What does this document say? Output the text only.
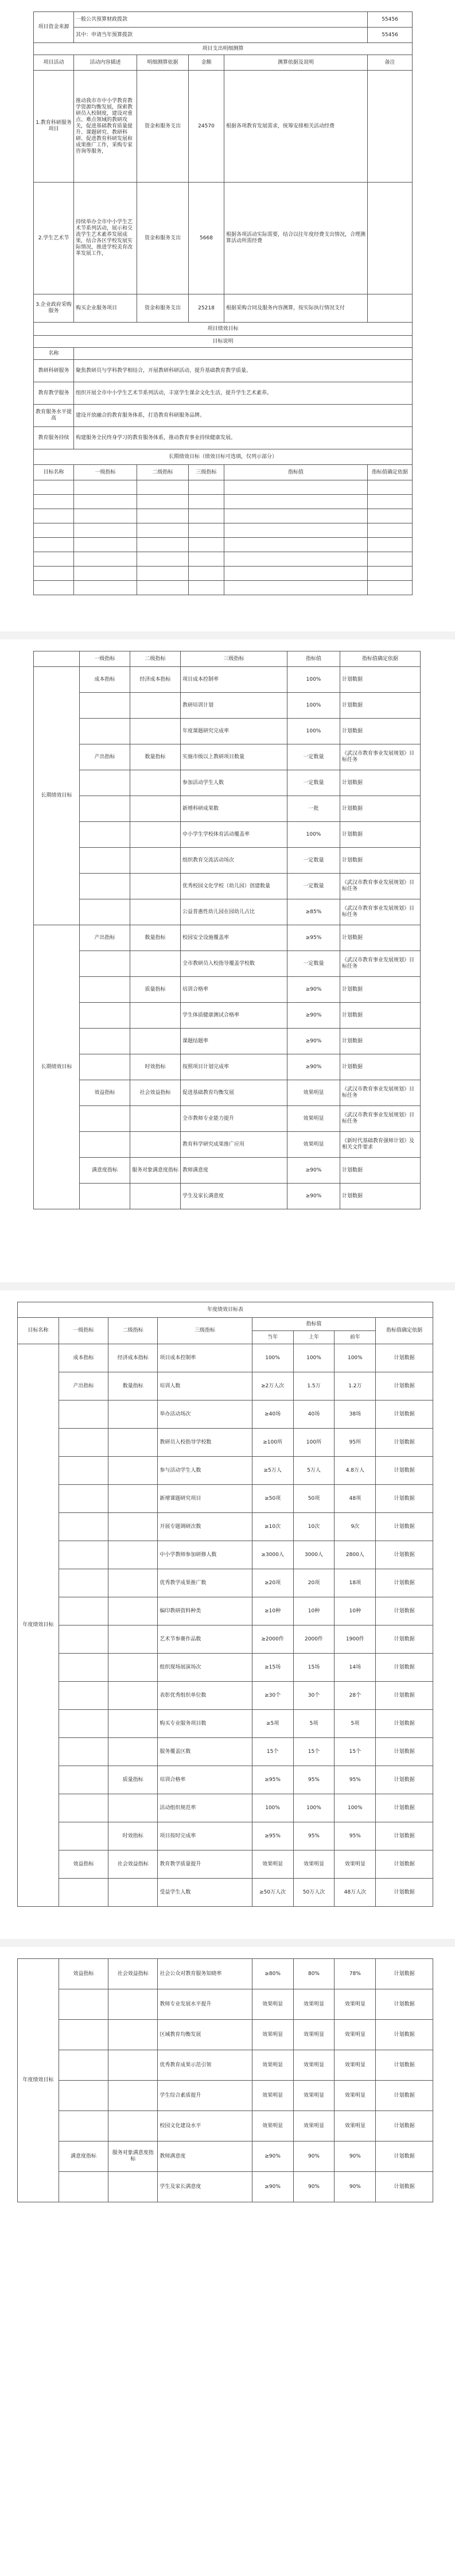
项目资金来源	一般公共预算财政拨款				55456
	其中：申请当年预算拨款				55456
项目支出明细测算					
项目活动	活动内容描述	明细测算依据	金额	测算依据及说明	备注
1.教育科研服务项目	推动我市市中小学教育教学资源均衡发展，探索教研员入校制度，建设对重点、难点领域的教研攻关，促进基础教育质量提升、课题研究、教研科研、促进教育科研发展和成果推广工作，采购专家咨询等服务，	资金和服务支出	24570	根据各项教育发展需求，统筹安排相关活动经费	
2.学生艺术节	持续举办全市中小学生艺术节系列活动，展示和交流学生艺术素养发展成果，结合各区学校发展实际情况，推进学校美育改革发展工作，	资金和服务支出	5668	根据各项活动实际需要，结合以往年度经费支出情况，合理测算活动所需经费	
3.企业政府采购服务	购买企业服务项目	资金和服务支出	25218	根据采购合同及服务内容测算，按实际执行情况支付	
项目绩效目标					
目标说明					
名称					
教研科研服务	聚焦教研员与学科教学相结合，开展教研科研活动，提升基础教育教学质量。				
教育教学服务	组织开展全市中小学生艺术节系列活动，丰富学生课余文化生活，提升学生艺术素养。				
教育服务水平提高	建设开放融合的教育服务体系，打造教育科研服务品牌。				
教育服务持续	构建服务全民终身学习的教育服务体系，推动教育事业持续健康发展。				
长期绩效目标（绩效目标可选填，仅列示部分）					
目标名称	一级指标	二级指标	三级指标	指标值	指标值确定依据

	一级指标	二级指标	三级指标	指标值	指标值确定依据
长期绩效目标	成本指标	经济成本指标	项目成本控制率	100%	计划数据
			教研培训计划	100%	计划数据
			年度课题研究完成率	100%	计划数据
	产出指标	数量指标	实施市级以上教研项目数量	一定数量	《武汉市教育事业发展规划》目标任务
			参加活动学生人数	一定数量	计划数据
			新增科研成果数	一批	计划数据
			中小学生学校体育活动覆盖率	100%	计划数据
			组织教育交流活动场次	一定数量	计划数据
			优秀校园文化学校（幼儿园）创建数量	一定数量	《武汉市教育事业发展规划》目标任务
			公益普惠性幼儿园在园幼儿占比	≥85%	《武汉市教育事业发展规划》目标任务
长期绩效目标	产出指标	数量指标	校园安全设施覆盖率	≥95%	计划数据
			全市教研员入校指导覆盖学校数	一定数量	《武汉市教育事业发展规划》目标任务
		质量指标	培训合格率	≥90%	计划数据
			学生体质健康测试合格率	≥90%	计划数据
			课题结题率	≥90%	计划数据
		时效指标	按照项目计划完成率	≥90%	计划数据
	效益指标	社会效益指标	促进基础教育均衡发展	效果明显	《武汉市教育事业发展规划》目标任务
			全市教师专业能力提升	效果明显	《武汉市教育事业发展规划》目标任务
			教育科学研究成果推广应用	效果明显	《新时代基础教育强师计划》及相关文件要求
	满意度指标	服务对象满意度指标	教师满意度	≥90%	计划数据
			学生及家长满意度	≥90%	计划数据
年度绩效目标表							
目标名称	一级指标	二级指标	三级指标	指标值			指标值确定依据
				当年	上年	前年	
年度绩效目标	成本指标	经济成本指标	项目成本控制率	100%	100%	100%	计划数据
	产出指标	数量指标	培训人数	≥2万人次	1.5万	1.2万	计划数据
			举办活动场次	≥40场	40场	38场	计划数据
			教研员入校指导学校数	≥100所	100所	95所	计划数据
			参与活动学生人数	≥5万人	5万人	4.8万人	计划数据
			新增课题研究项目	≥50项	50项	48项	计划数据
			开展专题调研次数	≥10次	10次	9次	计划数据
			中小学教师参加研修人数	≥3000人	3000人	2800人	计划数据
			优秀教学成果推广数	≥20项	20项	18项	计划数据
			编印教研资料种类	≥10种	10种	10种	计划数据
			艺术节参赛作品数	≥2000件	2000件	1900件	计划数据
			组织现场展演场次	≥15场	15场	14场	计划数据
			表彰优秀组织单位数	≥30个	30个	28个	计划数据
			购买专业服务项目数	≥5项	5项	5项	计划数据
			服务覆盖区数	15个	15个	15个	计划数据
		质量指标	培训合格率	≥95%	95%	95%	计划数据
			活动组织规范率	100%	100%	100%	计划数据
		时效指标	项目按时完成率	≥95%	95%	95%	计划数据
	效益指标	社会效益指标	教育教学质量提升	效果明显	效果明显	效果明显	计划数据
			受益学生人数	≥50万人次	50万人次	48万人次	计划数据
年度绩效目标	效益指标	社会效益指标	社会公众对教育服务知晓率	≥80%	80%	78%	计划数据
			教师专业发展水平提升	效果明显	效果明显	效果明显	计划数据
			区域教育均衡发展	效果明显	效果明显	效果明显	计划数据
			优秀教育成果示范引领	效果明显	效果明显	效果明显	计划数据
			学生综合素质提升	效果明显	效果明显	效果明显	计划数据
			校园文化建设水平	效果明显	效果明显	效果明显	计划数据
	满意度指标	服务对象满意度指标	教师满意度	≥90%	90%	90%	计划数据
			学生及家长满意度	≥90%	90%	90%	计划数据
